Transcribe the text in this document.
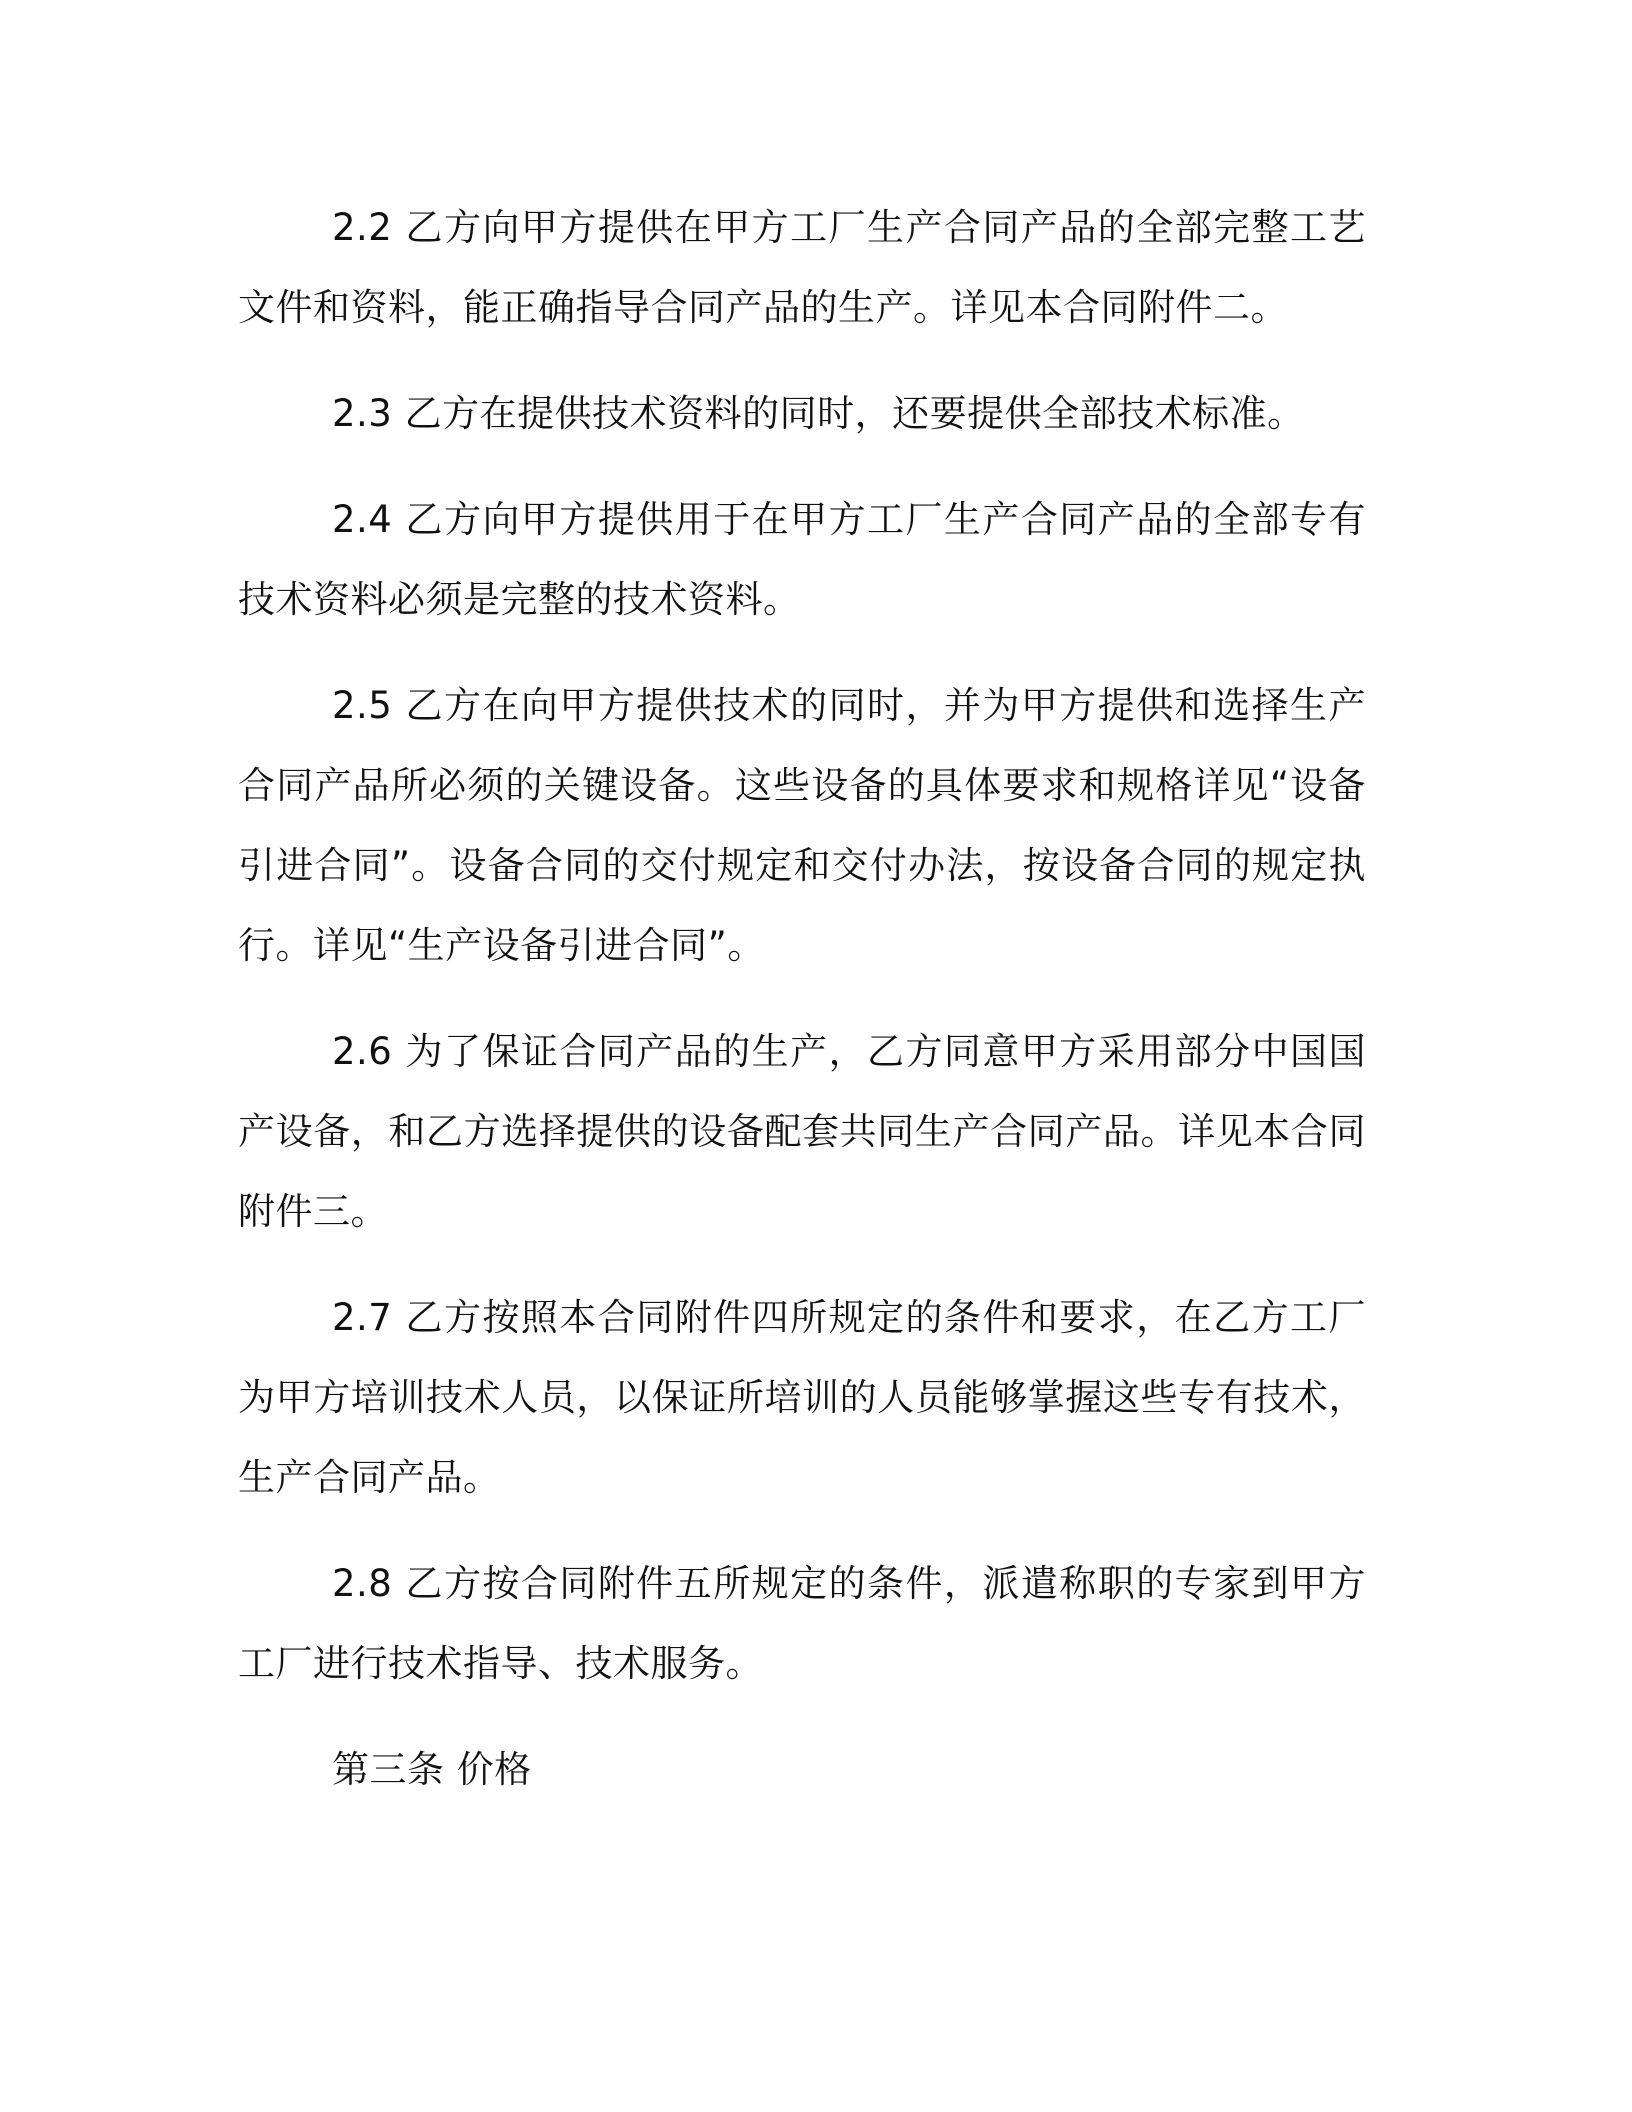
2.2 乙方向甲方提供在甲方工厂生产合同产品的全部完整工艺文件和资料，能正确指导合同产品的生产。详见本合同附件二。

2.3 乙方在提供技术资料的同时，还要提供全部技术标准。

2.4 乙方向甲方提供用于在甲方工厂生产合同产品的全部专有技术资料必须是完整的技术资料。

2.5 乙方在向甲方提供技术的同时，并为甲方提供和选择生产合同产品所必须的关键设备。这些设备的具体要求和规格详见“设备引进合同”。设备合同的交付规定和交付办法，按设备合同的规定执行。详见“生产设备引进合同”。

2.6 为了保证合同产品的生产，乙方同意甲方采用部分中国国产设备，和乙方选择提供的设备配套共同生产合同产品。详见本合同附件三。

2.7 乙方按照本合同附件四所规定的条件和要求，在乙方工厂为甲方培训技术人员，以保证所培训的人员能够掌握这些专有技术，生产合同产品。

2.8 乙方按合同附件五所规定的条件，派遣称职的专家到甲方工厂进行技术指导、技术服务。

第三条 价格
